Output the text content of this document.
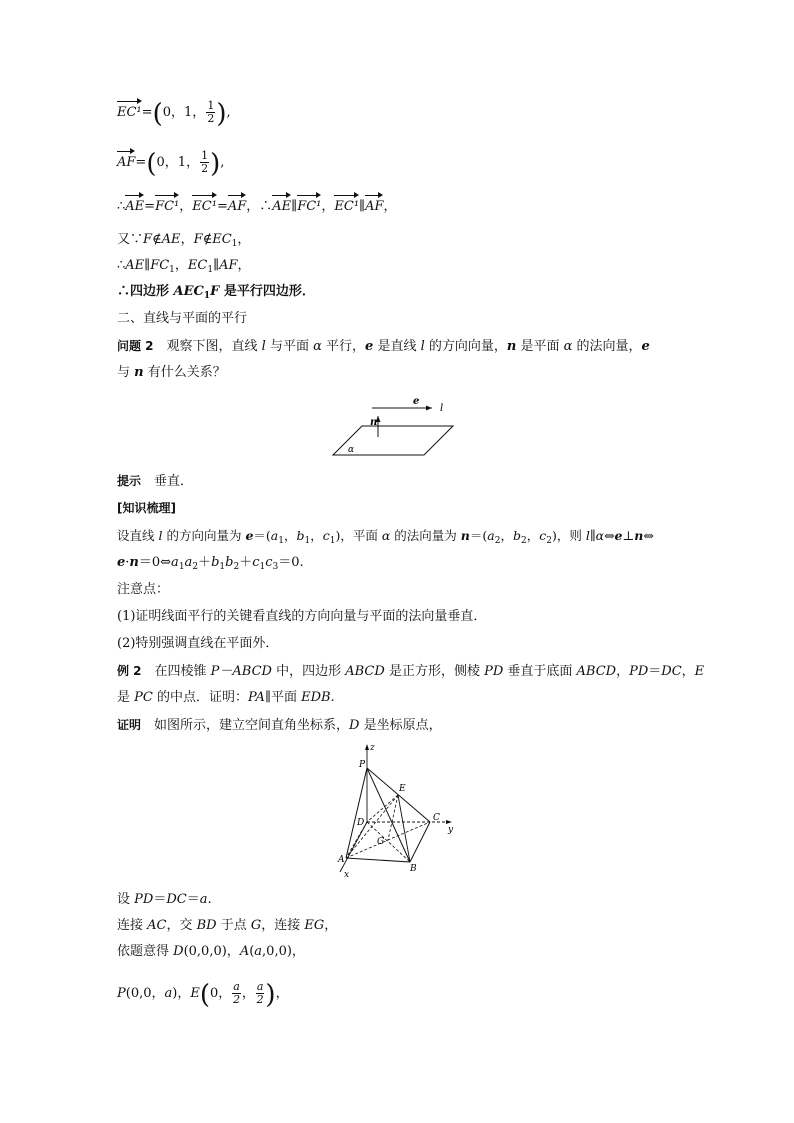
EC¹=(0，1， $\frac{1}{2}$ ),
AF=(0，1， $\frac{1}{2}$ ),
∴AE=FC¹，EC¹=AF，∴AE∥FC¹，EC¹∥AF，
又∵F∉AE，$F\notin EC_1$，
$\therefore AE\parallel FC_1$，$EC_1\parallel AF$，
∴四边形 $AEC_1F$ 是平行四边形．
二、直线与平面的平行
问题 2　观察下图，直线 l 与平面 α 平行，e 是直线 l 的方向向量，n 是平面 α 的法向量，e
与 n 有什么关系？
e
l
n
α
提示　垂直．
[知识梳理]
设直线 l 的方向向量为 $e=(a_1$，$b_1$，$c_1$)，平面 α 的法向量为 $n=(a_2$，$b_2$，$c_2$)，则 l∥α⇔e⊥n⇔
$e\cdot n=0\Leftrightarrow a_1a_2+b_1b_2+c_1c_3=0$.
注意点：
(1)证明线面平行的关键看直线的方向向量与平面的法向量垂直．
(2)特别强调直线在平面外．
例 2　在四棱锥 P－ABCD 中，四边形 ABCD 是正方形，侧棱 PD 垂直于底面 ABCD，PD＝DC，E
是 PC 的中点．证明：PA∥平面 EDB.
证明　如图所示，建立空间直角坐标系，D 是坐标原点，
z
P
E
D	C
y
G
A
B
x
设 PD＝DC＝a.
连接 AC，交 BD 于点 G，连接 EG，
依题意得 D(0,0,0)，A(a,0,0)，
P(0,0，a)，E(0， $\frac{a}{2}$ ， $\frac{a}{2}$ )，
